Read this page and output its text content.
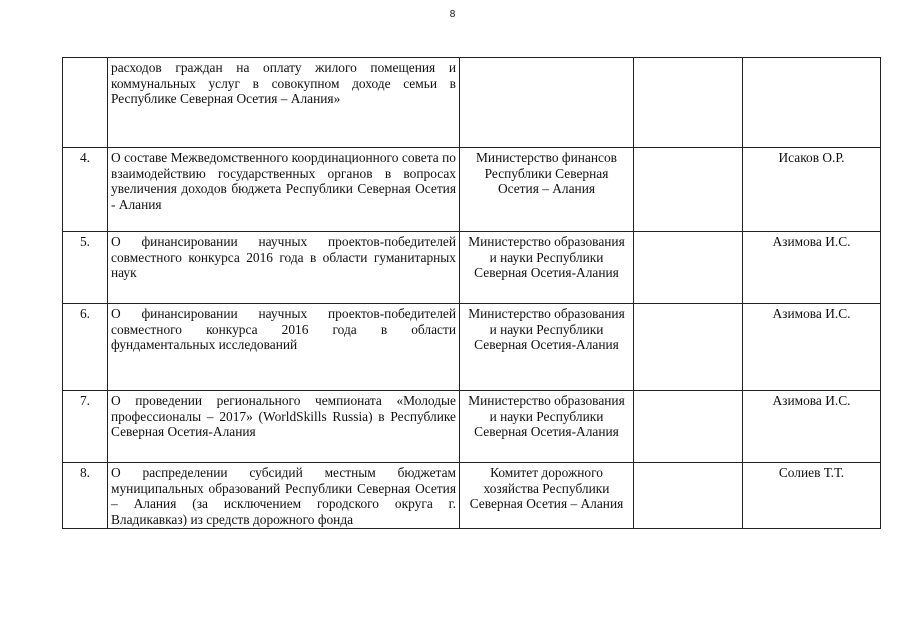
8
	расходов граждан на оплату жилого помещения и коммунальных услуг в совокупном доходе семьи в Республике Северная Осетия – Алания»			
4.	О составе Межведомственного координационного совета по взаимодействию государственных органов в вопросах увеличения доходов бюджета Республики Северная Осетия - Алания	Министерство финансов Республики Северная Осетия – Алания		Исаков О.Р.
5.	О финансировании научных проектов-победителей совместного конкурса 2016 года в области гуманитарных наук	Министерство образования и науки Республики Северная Осетия-Алания		Азимова И.С.
6.	О финансировании научных проектов-победителей совместного конкурса 2016 года в области фундаментальных исследований	Министерство образования и науки Республики Северная Осетия-Алания		Азимова И.С.
7.	О проведении регионального чемпионата «Молодые профессионалы – 2017» (WorldSkills Russia) в Республике Северная Осетия-Алания	Министерство образования и науки Республики Северная Осетия-Алания		Азимова И.С.
8.	О распределении субсидий местным бюджетам муниципальных образований Республики Северная Осетия – Алания (за исключением городского округа г. Владикавказ) из средств дорожного фонда	Комитет дорожного хозяйства Республики Северная Осетия – Алания		Солиев Т.Т.
